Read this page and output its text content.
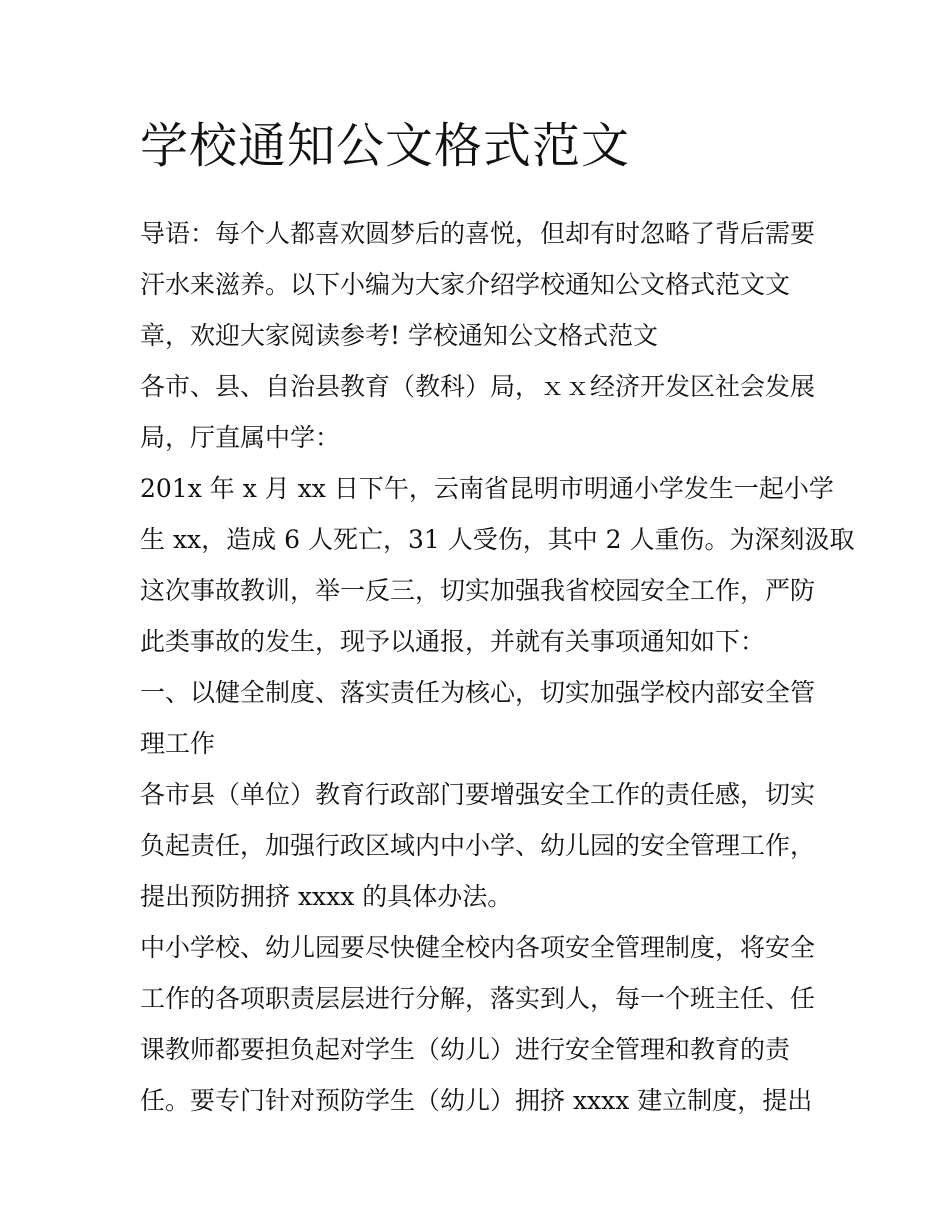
学校通知公文格式范文

导语：每个人都喜欢圆梦后的喜悦，但却有时忽略了背后需要
汗水来滋养。以下小编为大家介绍学校通知公文格式范文文
章，欢迎大家阅读参考! 学校通知公文格式范文

各市、县、自治县教育（教科）局，ｘｘ经济开发区社会发展
局，厅直属中学：

201x 年 x 月 xx 日下午，云南省昆明市明通小学发生一起小学
生 xx，造成 6 人死亡，31 人受伤，其中 2 人重伤。为深刻汲取
这次事故教训，举一反三，切实加强我省校园安全工作，严防
此类事故的发生，现予以通报，并就有关事项通知如下：

一、以健全制度、落实责任为核心，切实加强学校内部安全管
理工作

各市县（单位）教育行政部门要增强安全工作的责任感，切实
负起责任，加强行政区域内中小学、幼儿园的安全管理工作，
提出预防拥挤 xxxx 的具体办法。

中小学校、幼儿园要尽快健全校内各项安全管理制度，将安全
工作的各项职责层层进行分解，落实到人，每一个班主任、任
课教师都要担负起对学生（幼儿）进行安全管理和教育的责
任。要专门针对预防学生（幼儿）拥挤 xxxx 建立制度，提出
